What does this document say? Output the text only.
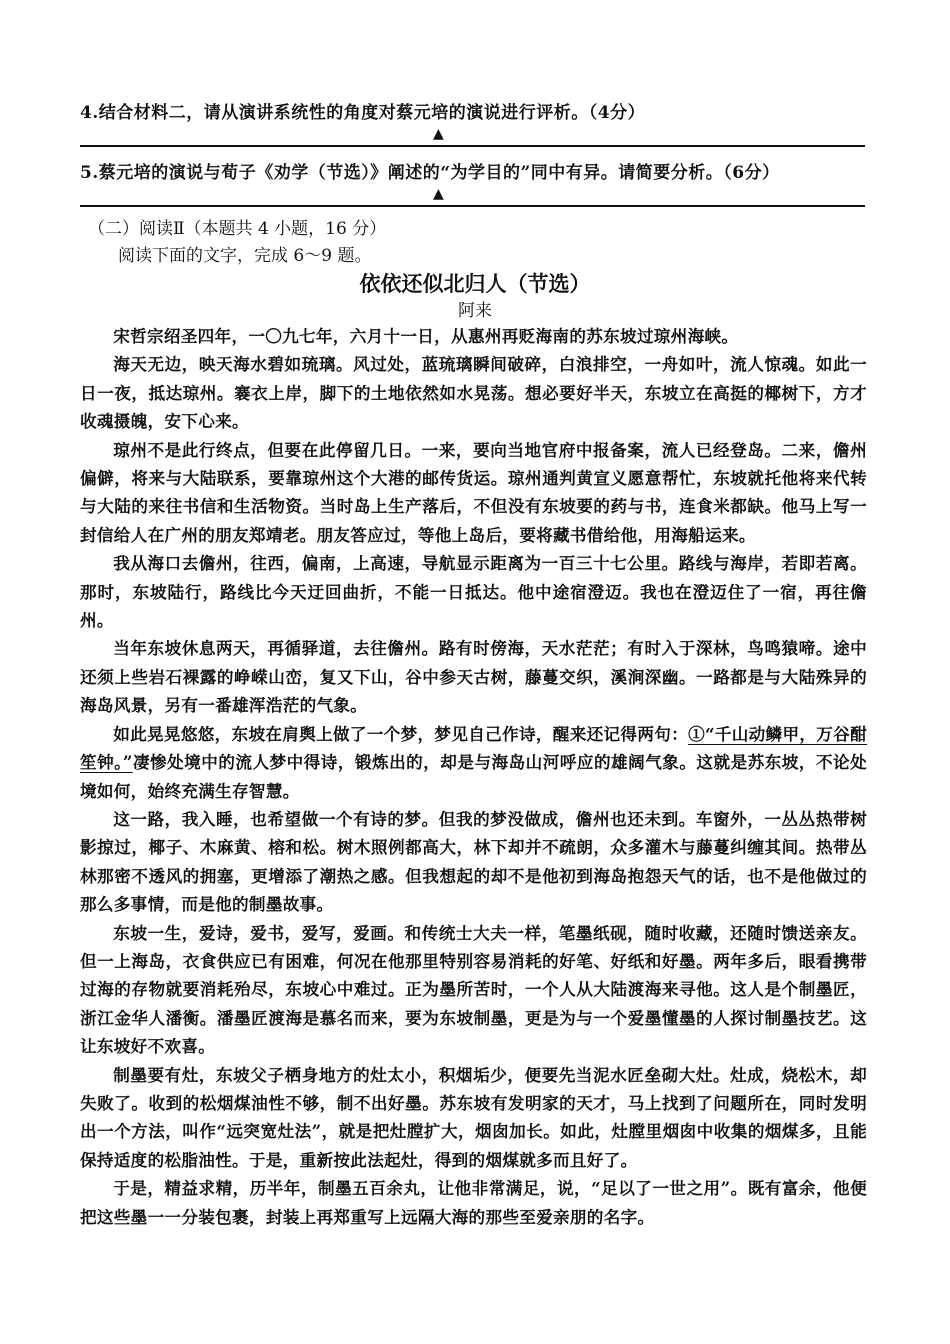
4.结合材料二，请从演讲系统性的角度对蔡元培的演说进行评析。（4分）
▲
5.蔡元培的演说与荀子《劝学（节选）》阐述的“为学目的”同中有异。请简要分析。（6分）
▲
（二）阅读Ⅱ（本题共 4 小题，16 分）
阅读下面的文字，完成 6～9 题。
依依还似北归人（节选）
阿来

宋哲宗绍圣四年，一〇九七年，六月十一日，从惠州再贬海南的苏东坡过琼州海峡。

海天无边，映天海水碧如琉璃。风过处，蓝琉璃瞬间破碎，白浪排空，一舟如叶，流人惊魂。如此一日一夜，抵达琼州。褰衣上岸，脚下的土地依然如水晃荡。想必要好半天，东坡立在高挺的椰树下，方才收魂摄魄，安下心来。

琼州不是此行终点，但要在此停留几日。一来，要向当地官府中报备案，流人已经登岛。二来，儋州偏僻，将来与大陆联系，要靠琼州这个大港的邮传货运。琼州通判黄宣义愿意帮忙，东坡就托他将来代转与大陆的来往书信和生活物资。当时岛上生产落后，不但没有东坡要的药与书，连食米都缺。他马上写一封信给人在广州的朋友郑靖老。朋友答应过，等他上岛后，要将藏书借给他，用海船运来。

我从海口去儋州，往西，偏南，上高速，导航显示距离为一百三十七公里。路线与海岸，若即若离。那时，东坡陆行，路线比今天迂回曲折，不能一日抵达。他中途宿澄迈。我也在澄迈住了一宿，再往儋州。

当年东坡休息两天，再循驿道，去往儋州。路有时傍海，天水茫茫；有时入于深林，鸟鸣猿啼。途中还须上些岩石裸露的峥嵘山峦，复又下山，谷中参天古树，藤蔓交织，溪涧深幽。一路都是与大陆殊异的海岛风景，另有一番雄浑浩茫的气象。

如此晃晃悠悠，东坡在肩舆上做了一个梦，梦见自己作诗，醒来还记得两句：①“千山动鳞甲，万谷酣笙钟。”凄惨处境中的流人梦中得诗，锻炼出的，却是与海岛山河呼应的雄阔气象。这就是苏东坡，不论处境如何，始终充满生存智慧。

这一路，我入睡，也希望做一个有诗的梦。但我的梦没做成，儋州也还未到。车窗外，一丛丛热带树影掠过，椰子、木麻黄、榕和松。树木照例都高大，林下却并不疏朗，众多灌木与藤蔓纠缠其间。热带丛林那密不透风的拥塞，更增添了潮热之感。但我想起的却不是他初到海岛抱怨天气的话，也不是他做过的那么多事情，而是他的制墨故事。

东坡一生，爱诗，爱书，爱写，爱画。和传统士大夫一样，笔墨纸砚，随时收藏，还随时馈送亲友。但一上海岛，衣食供应已有困难，何况在他那里特别容易消耗的好笔、好纸和好墨。两年多后，眼看携带过海的存物就要消耗殆尽，东坡心中难过。正为墨所苦时，一个人从大陆渡海来寻他。这人是个制墨匠，浙江金华人潘衡。潘墨匠渡海是慕名而来，要为东坡制墨，更是为与一个爱墨懂墨的人探讨制墨技艺。这让东坡好不欢喜。

制墨要有灶，东坡父子栖身地方的灶太小，积烟垢少，便要先当泥水匠垒砌大灶。灶成，烧松木，却失败了。收到的松烟煤油性不够，制不出好墨。苏东坡有发明家的天才，马上找到了问题所在，同时发明出一个方法，叫作“远突宽灶法”，就是把灶膛扩大，烟囱加长。如此，灶膛里烟囱中收集的烟煤多，且能保持适度的松脂油性。于是，重新按此法起灶，得到的烟煤就多而且好了。

于是，精益求精，历半年，制墨五百余丸，让他非常满足，说，“足以了一世之用”。既有富余，他便把这些墨一一分装包裹，封装上再郑重写上远隔大海的那些至爱亲朋的名字。
